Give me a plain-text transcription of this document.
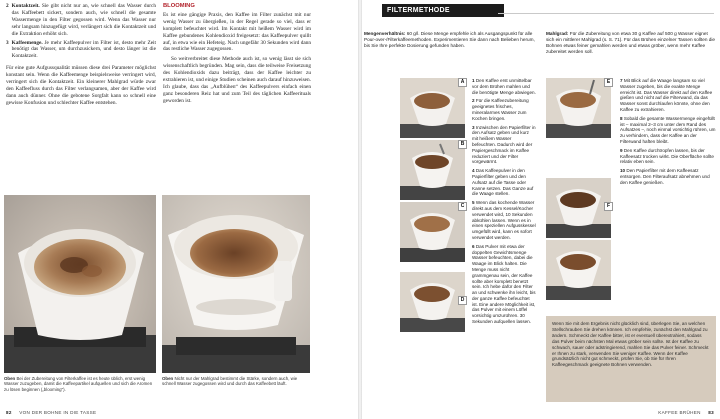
2 Kontaktzeit. Sie gibt nicht nur an, wie schnell das Wasser durch das Kaffeebett sickert, sondern auch, wie schnell die gesamte Wassermenge in den Filter gegossen wird. Wenn das Wasser nur sehr langsam hinzugefügt wird, verlängert sich die Kontaktzeit und die Extraktion erhöht sich.
3 Kaffeemenge. Je mehr Kaffeepulver im Filter ist, desto mehr Zeit benötigt das Wasser, um durchzusickern, und desto länger ist die Kontaktzeit.

Für eine gute Aufgussqualität müssen diese drei Parameter möglichst konstant sein. Wenn die Kaffeemenge beispielsweise verringert wird, verringert sich die Kontaktzeit. Ein kleinerer Mahlgrad würde zwar den Kaffeefluss durch das Filter verlangsamen, aber der Kaffee wird dann auch dünner. Ohne die gebotene Sorgfalt kann so schnell eine gewisse Konfusion und schlechter Kaffee entstehen.

BLOOMING

Es ist eine gängige Praxis, den Kaffee im Filter zunächst mit nur wenig Wasser zu übergießen, in der Regel gerade so viel, dass er komplett befeuchtet wird. Im Kontakt mit heißem Wasser wird im Kaffee gebundenes Kohlendioxid freigesetzt: das Kaffeepulver quillt auf, in etwa wie ein Hefeteig. Nach ungefähr 30 Sekunden wird dann das restliche Wasser zugegossen.

So weitverbreitet diese Methode auch ist, so wenig lässt sie sich wissenschaftlich begründen. Mag sein, dass die teilweise Freisetzung des Kohlendioxids dazu beiträgt, dass der Kaffee leichter zu extrahieren ist, und einige Studien scheinen auch darauf hinzuweisen. Ich glaube, dass das „Aufblühen“ des Kaffeepulvers einfach einen ganz besonderen Reiz hat und zum Teil des täglichen Kaffeerituals geworden ist.

Oben Bei der Zubereitung von Filterkaffee ist es heute üblich, erst wenig Wasser zuzugeben, damit die Kaffeepartikel aufquellen und sich die Aromen zu lösen beginnen („blooming“).
Oben Nicht nur der Mahlgrad bestimmt die Stärke, sondern auch, wie schnell Wasser zugegossen wird und durch das Kaffeebett läuft.
82 VON DER BOHNE IN DIE TASSE
FILTERMETHODE
Mengenverhältnis: 60 g/l. Diese Menge empfehle ich als Ausgangspunkt für alle Pour-over-/Filterkaffeemethoden. Experimentieren Sie dann nach Belieben herum, bis Sie Ihre perfekte Dosierung gefunden haben.
Mahlgrad: Für die Zubereitung von etwa 30 g Kaffee auf 500 g Wasser eignet sich ein mittlerer Mahlgrad (s. S. 71). Für das Brühen einzelner Tassen sollten die Bohnen etwas feiner gemahlen werden und etwas gröber, wenn mehr Kaffee zubereitet werden soll.
A
B
C
D

1 Den Kaffee erst unmittelbar vor dem Brühen mahlen und die benötigte Menge abwiegen.

2 Für die Kaffeezubereitung geeignetes frisches, mineralarmes Wasser zum Kochen bringen.

3 Inzwischen den Papierfilter in den Aufsatz geben und kurz mit heißem Wasser befeuchten. Dadurch wird der Papiergeschmack im Kaffee reduziert und der Filter vorgewärmt.

4 Das Kaffeepulver in den Papierfilter geben und den Aufsatz auf die Tasse oder Kanne setzen. Das Ganze auf die Waage stellen.

5 Wenn das kochende Wasser direkt aus dem Kessel/Kocher verwendet wird, 10 Sekunden abkühlen lassen. Wenn es in einen speziellen Aufgusskessel umgefüllt wird, kann es sofort verwendet werden.

6 Das Pulver mit etwa der doppelten Gewichtsmenge Wasser befeuchten, dabei die Waage im Blick halten. Die Menge muss nicht grammgenau sein, der Kaffee sollte aber komplett benetzt sein. Ich hebe dafür den Filter an und schwenke ihn leicht, bis der ganze Kaffee befeuchtet ist. Eine andere Möglichkeit ist, das Pulver mit einem Löffel vorsichtig umzurühren. 30 Sekunden aufquellen lassen.

E
F

7 Mit Blick auf die Waage langsam so viel Wasser zugeben, bis die exakte Menge erreicht ist. Das Wasser direkt auf den Kaffee gießen und nicht auf die Filterwand, da das Wasser sonst durchlaufen könnte, ohne den Kaffee zu extrahieren.

8 Sobald die gesamte Wassermenge eingefüllt ist – maximal 2–3 cm unter dem Rand des Aufsatzes –, noch einmal vorsichtig rühren, um zu verhindern, dass der Kaffee an der Filterwand haften bleibt.

9 Den Kaffee durchtropfen lassen, bis der Kaffeesatz trocken wirkt. Die Oberfläche sollte relativ eben sein.

10 Den Papierfilter mit dem Kaffeesatz entsorgen. Den Filteraufsatz abnehmen und den Kaffee genießen.

Wenn Sie mit dem Ergebnis nicht glücklich sind, überlegen Sie, an welchen Stellschrauben Sie drehen können. Ich empfehle, zunächst den Mahlgrad zu ändern. Schmeckt der Kaffee bitter, ist er eventuell überextrahiert, sodass das Pulver beim nächsten Mal etwas gröber sein sollte. Ist der Kaffee zu schwach, sauer oder adstringierend, mahlen Sie das Pulver feiner. Schmeckt er Ihnen zu stark, verwenden Sie weniger Kaffee. Wenn der Kaffee grundsätzlich nicht gut schmeckt, prüfen Sie, ob Sie für Ihren Kaffeegeschmack geeignete Bohnen verwenden.
KAFFEE BRÜHEN 83
